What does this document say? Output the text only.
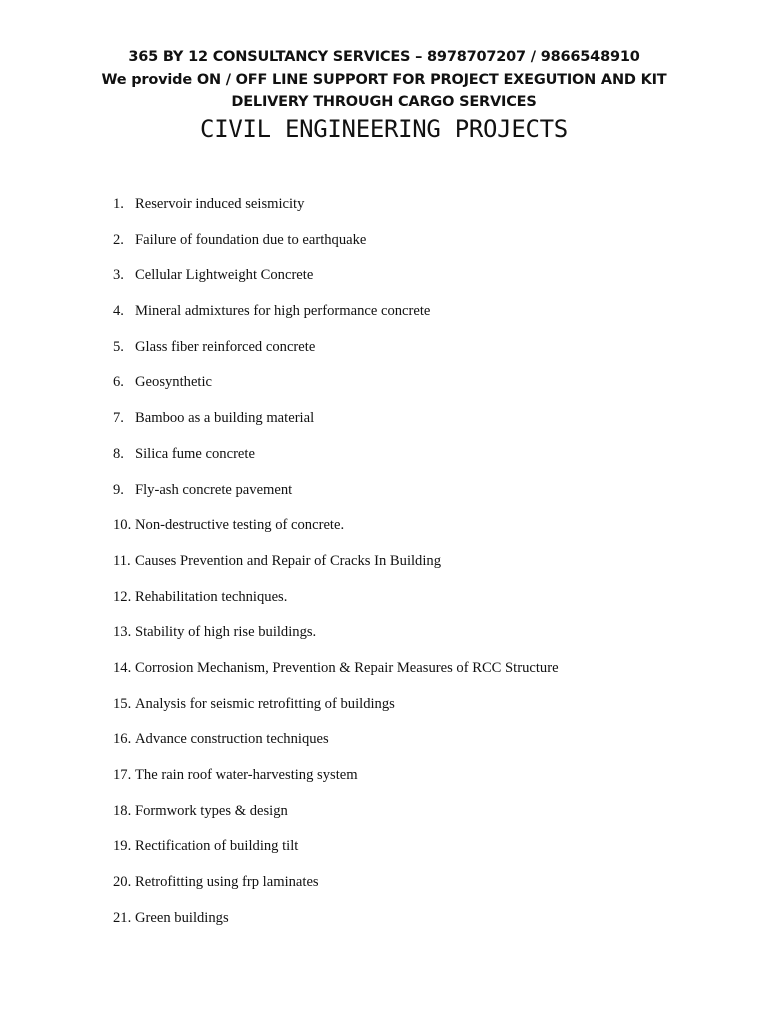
365 BY 12 CONSULTANCY SERVICES – 8978707207 / 9866548910
We provide ON / OFF LINE SUPPORT FOR PROJECT EXEGUTION AND KIT
DELIVERY THROUGH CARGO SERVICES
CIVIL ENGINEERING PROJECTS
1. Reservoir induced seismicity
2. Failure of foundation due to earthquake
3. Cellular Lightweight Concrete
4. Mineral admixtures for high performance concrete
5. Glass fiber reinforced concrete
6. Geosynthetic
7. Bamboo as a building material
8. Silica fume concrete
9. Fly-ash concrete pavement
10. Non-destructive testing of concrete.
11. Causes Prevention and Repair of Cracks In Building
12. Rehabilitation techniques.
13. Stability of high rise buildings.
14. Corrosion Mechanism, Prevention & Repair Measures of RCC Structure
15. Analysis for seismic retrofitting of buildings
16. Advance construction techniques
17. The rain roof water-harvesting system
18. Formwork types & design
19. Rectification of building tilt
20. Retrofitting using frp laminates
21. Green buildings
